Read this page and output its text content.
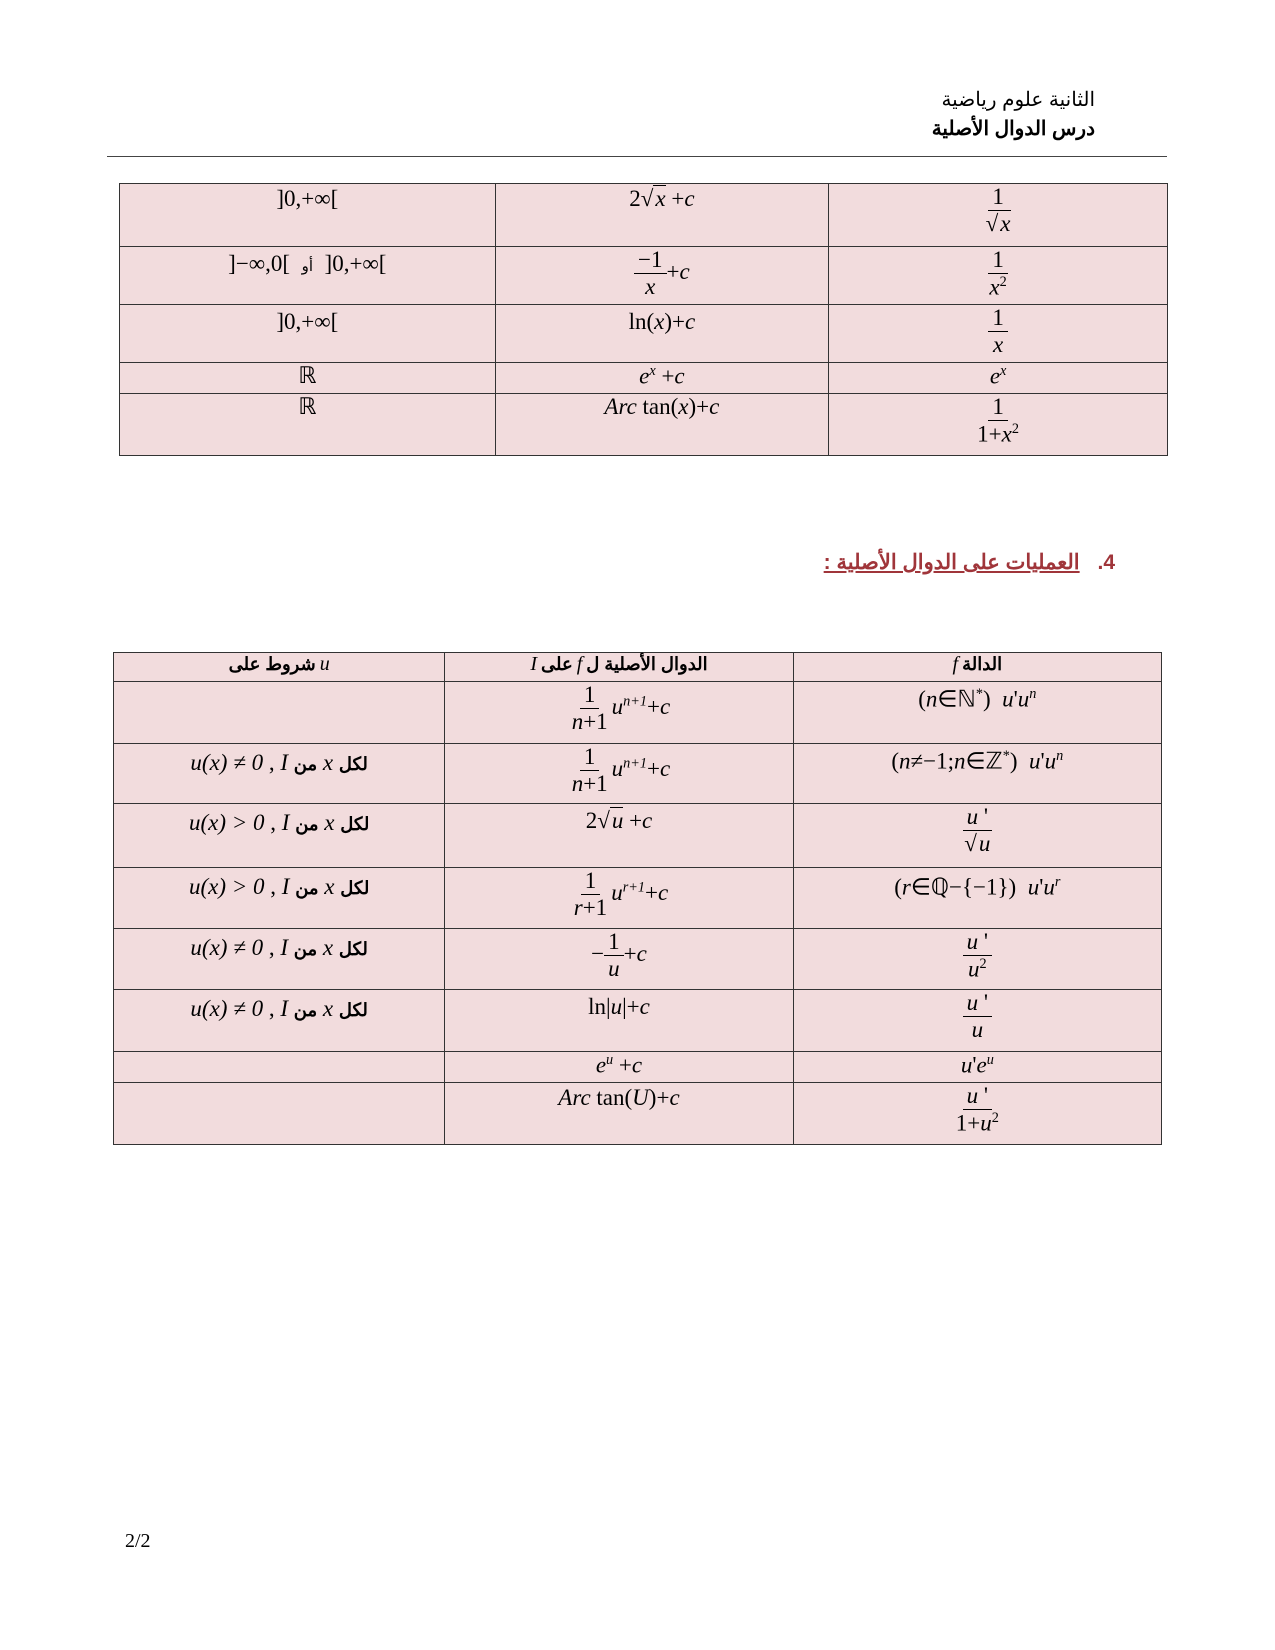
الثانية علوم رياضية
درس الدوال الأصلية
]0,+∞[	2√x +c	$\frac{1}{√x}$

]−∞,0[ أو ]0,+∞[	$\frac{-1}{x} +c$	$\frac{1}{x^2}$

]0,+∞[	ln(x)+c	$\frac{1}{x}$

ℝ	$e^x +c$	$e^x$
ℝ	Arc tan(x)+c	$\frac{1}{1+x^2}$
4. العمليات على الدوال الأصلية :
شروط على u	الدوال الأصلية ل f على I	الدالة f

	$\frac{1}{n+1} u^{n+1}+c$	(n∈ℕ*)  $u'u^n$
u(x) ≠ 0 , I من x لكل	$\frac{1}{n+1} u^{n+1}+c$	(n≠−1;n∈ℤ*)  $u'u^n$
u(x) > 0 , I من x لكل	2√u +c	$\frac{u '}{√u}$

u(x) > 0 , I من x لكل	$\frac{1}{r+1} u^{r+1}+c$	(r∈ℚ−{−1})  $u'u^r$
u(x) ≠ 0 , I من x لكل	− $\frac{1}{u} +c$	$\frac{u '}{u^2}$

u(x) ≠ 0 , I من x لكل	ln|u|+c	$\frac{u '}{u}$

	$e^u +c$	$u'e^u$
	Arc tan(U)+c	$\frac{u '}{1+u^2}$
2/2
